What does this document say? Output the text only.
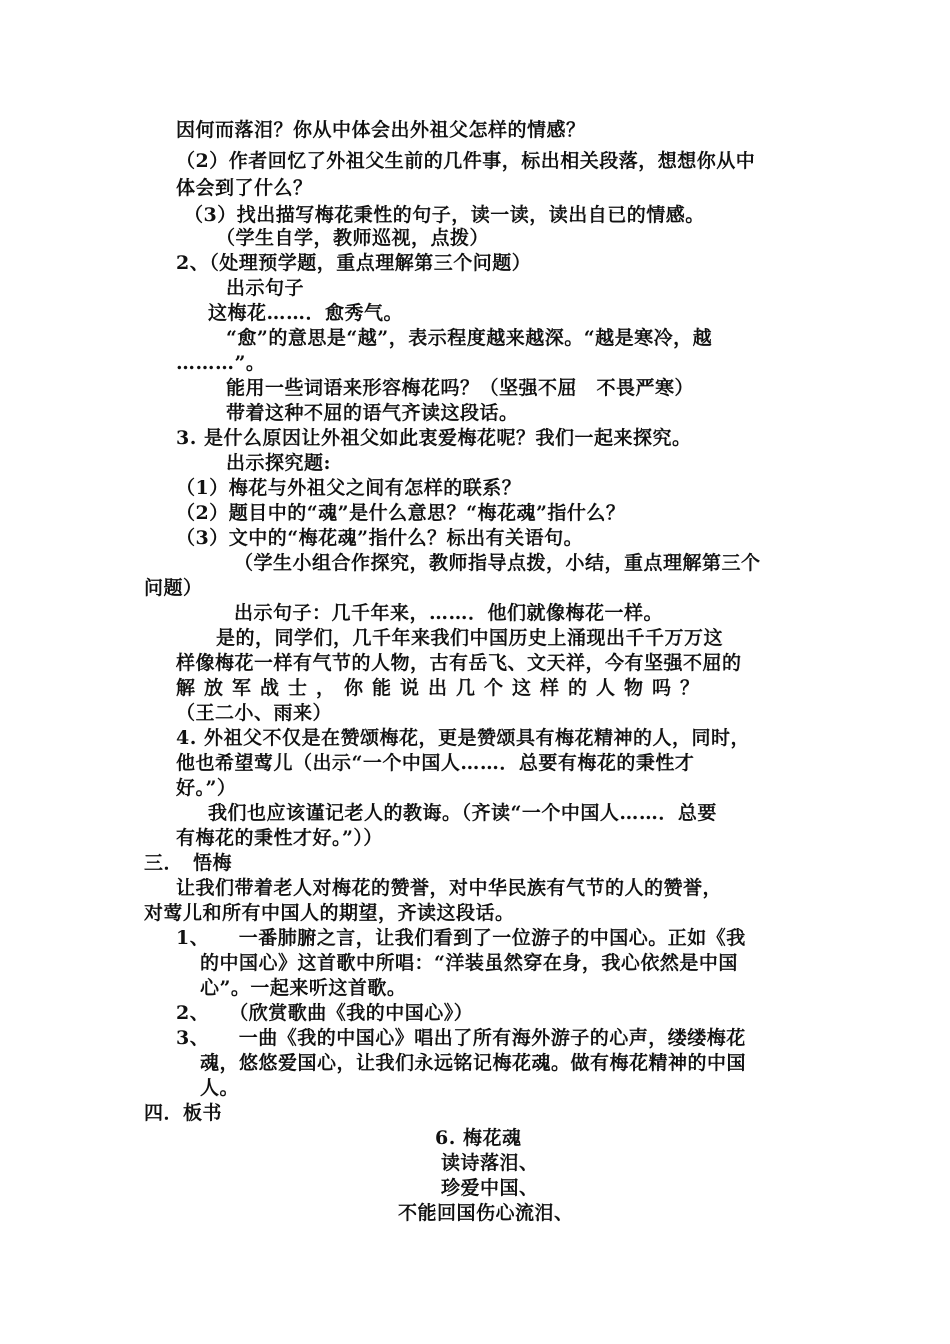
因何而落泪？你从中体会出外祖父怎样的情感？
（2）作者回忆了外祖父生前的几件事，标出相关段落，想想你从中
体会到了什么？
（3）找出描写梅花秉性的句子，读一读，读出自已的情感。
（学生自学，教师巡视，点拨）
2、（处理预学题，重点理解第三个问题）
出示句子
这梅花……．愈秀气。
“愈”的意思是“越”，表示程度越来越深。“越是寒冷，越
………”。
能用一些词语来形容梅花吗？（坚强不屈　不畏严寒）
带着这种不屈的语气齐读这段话。
3. 是什么原因让外祖父如此衷爱梅花呢？我们一起来探究。
出示探究题:
（1）梅花与外祖父之间有怎样的联系？
（2）题目中的“魂”是什么意思？“梅花魂”指什么？
（3）文中的“梅花魂”指什么？标出有关语句。
（学生小组合作探究，教师指导点拨，小结，重点理解第三个
问题）
出示句子：几千年来，……．他们就像梅花一样。
是的，同学们，几千年来我们中国历史上涌现出千千万万这
样像梅花一样有气节的人物，古有岳飞、文天祥，今有坚强不屈的
解放军战士，你能说出几个这样的人物吗？
（王二小、雨来）
4. 外祖父不仅是在赞颂梅花，更是赞颂具有梅花精神的人，同时，
他也希望莺儿（出示“一个中国人……．总要有梅花的秉性才
好。”）
我们也应该谨记老人的教诲。（齐读“一个中国人……．总要
有梅花的秉性才好。”））
三．　悟梅
让我们带着老人对梅花的赞誉，对中华民族有气节的人的赞誉，
对莺儿和所有中国人的期望，齐读这段话。
1、　　一番肺腑之言，让我们看到了一位游子的中国心。正如《我
的中国心》这首歌中所唱：“洋装虽然穿在身，我心依然是中国
心”。一起来听这首歌。
2、　　（欣赏歌曲《我的中国心》）
3、　　一曲《我的中国心》唱出了所有海外游子的心声，缕缕梅花
魂，悠悠爱国心，让我们永远铭记梅花魂。做有梅花精神的中国
人。
四．板书
6. 梅花魂
读诗落泪、
珍爱中国、
不能回国伤心流泪、
